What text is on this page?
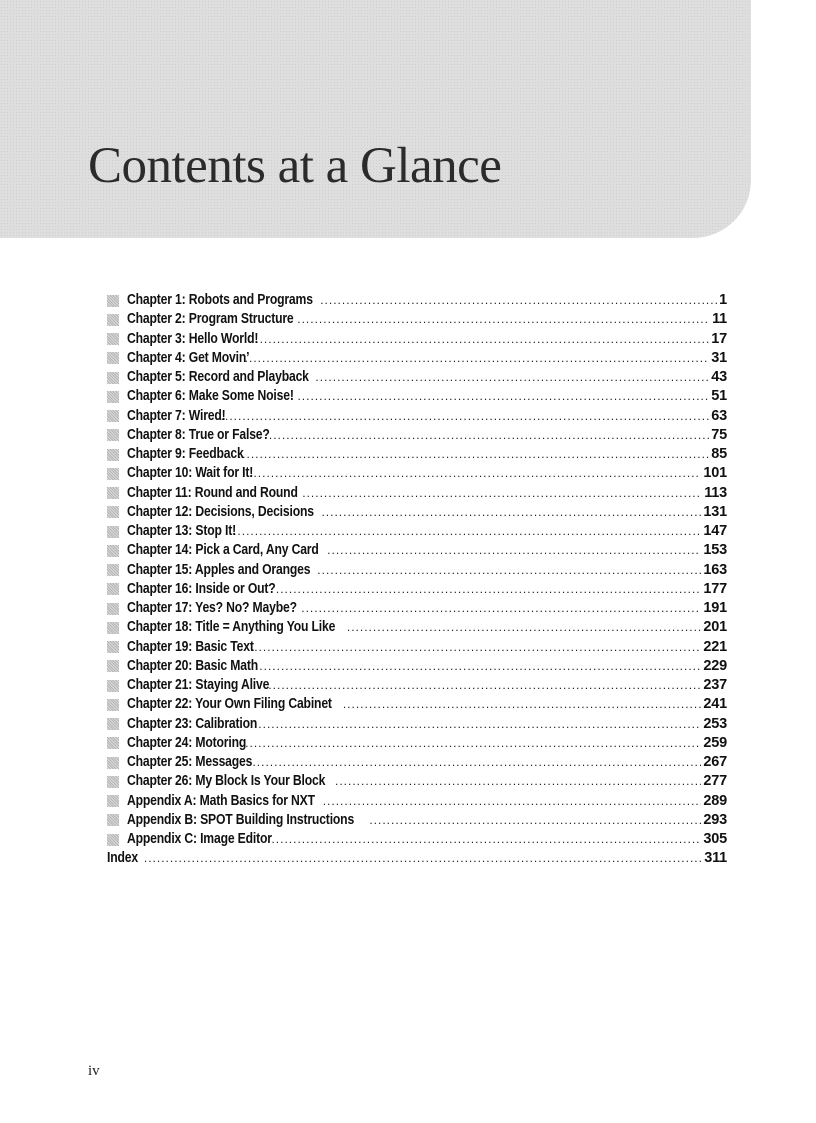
Contents at a Glance
Chapter 1: Robots and Programs .....	1
Chapter 2: Program Structure .....	11
Chapter 3: Hello World! .....	17
Chapter 4: Get Movin’ .....	31
Chapter 5: Record and Playback .....	43
Chapter 6: Make Some Noise! .....	51
Chapter 7: Wired! .....	63
Chapter 8: True or False? .....	75
Chapter 9: Feedback .....	85
Chapter 10: Wait for It! .....	101
Chapter 11: Round and Round .....	113
Chapter 12: Decisions, Decisions .....	131
Chapter 13: Stop It! .....	147
Chapter 14: Pick a Card, Any Card .....	153
Chapter 15: Apples and Oranges .....	163
Chapter 16: Inside or Out? .....	177
Chapter 17: Yes? No? Maybe? .....	191
Chapter 18: Title = Anything You Like .....	201
Chapter 19: Basic Text .....	221
Chapter 20: Basic Math .....	229
Chapter 21: Staying Alive .....	237
Chapter 22: Your Own Filing Cabinet .....	241
Chapter 23: Calibration .....	253
Chapter 24: Motoring .....	259
Chapter 25: Messages .....	267
Chapter 26: My Block Is Your Block .....	277
Appendix A: Math Basics for NXT .....	289
Appendix B: SPOT Building Instructions .....	293
Appendix C: Image Editor .....	305
Index .....	311
iv
